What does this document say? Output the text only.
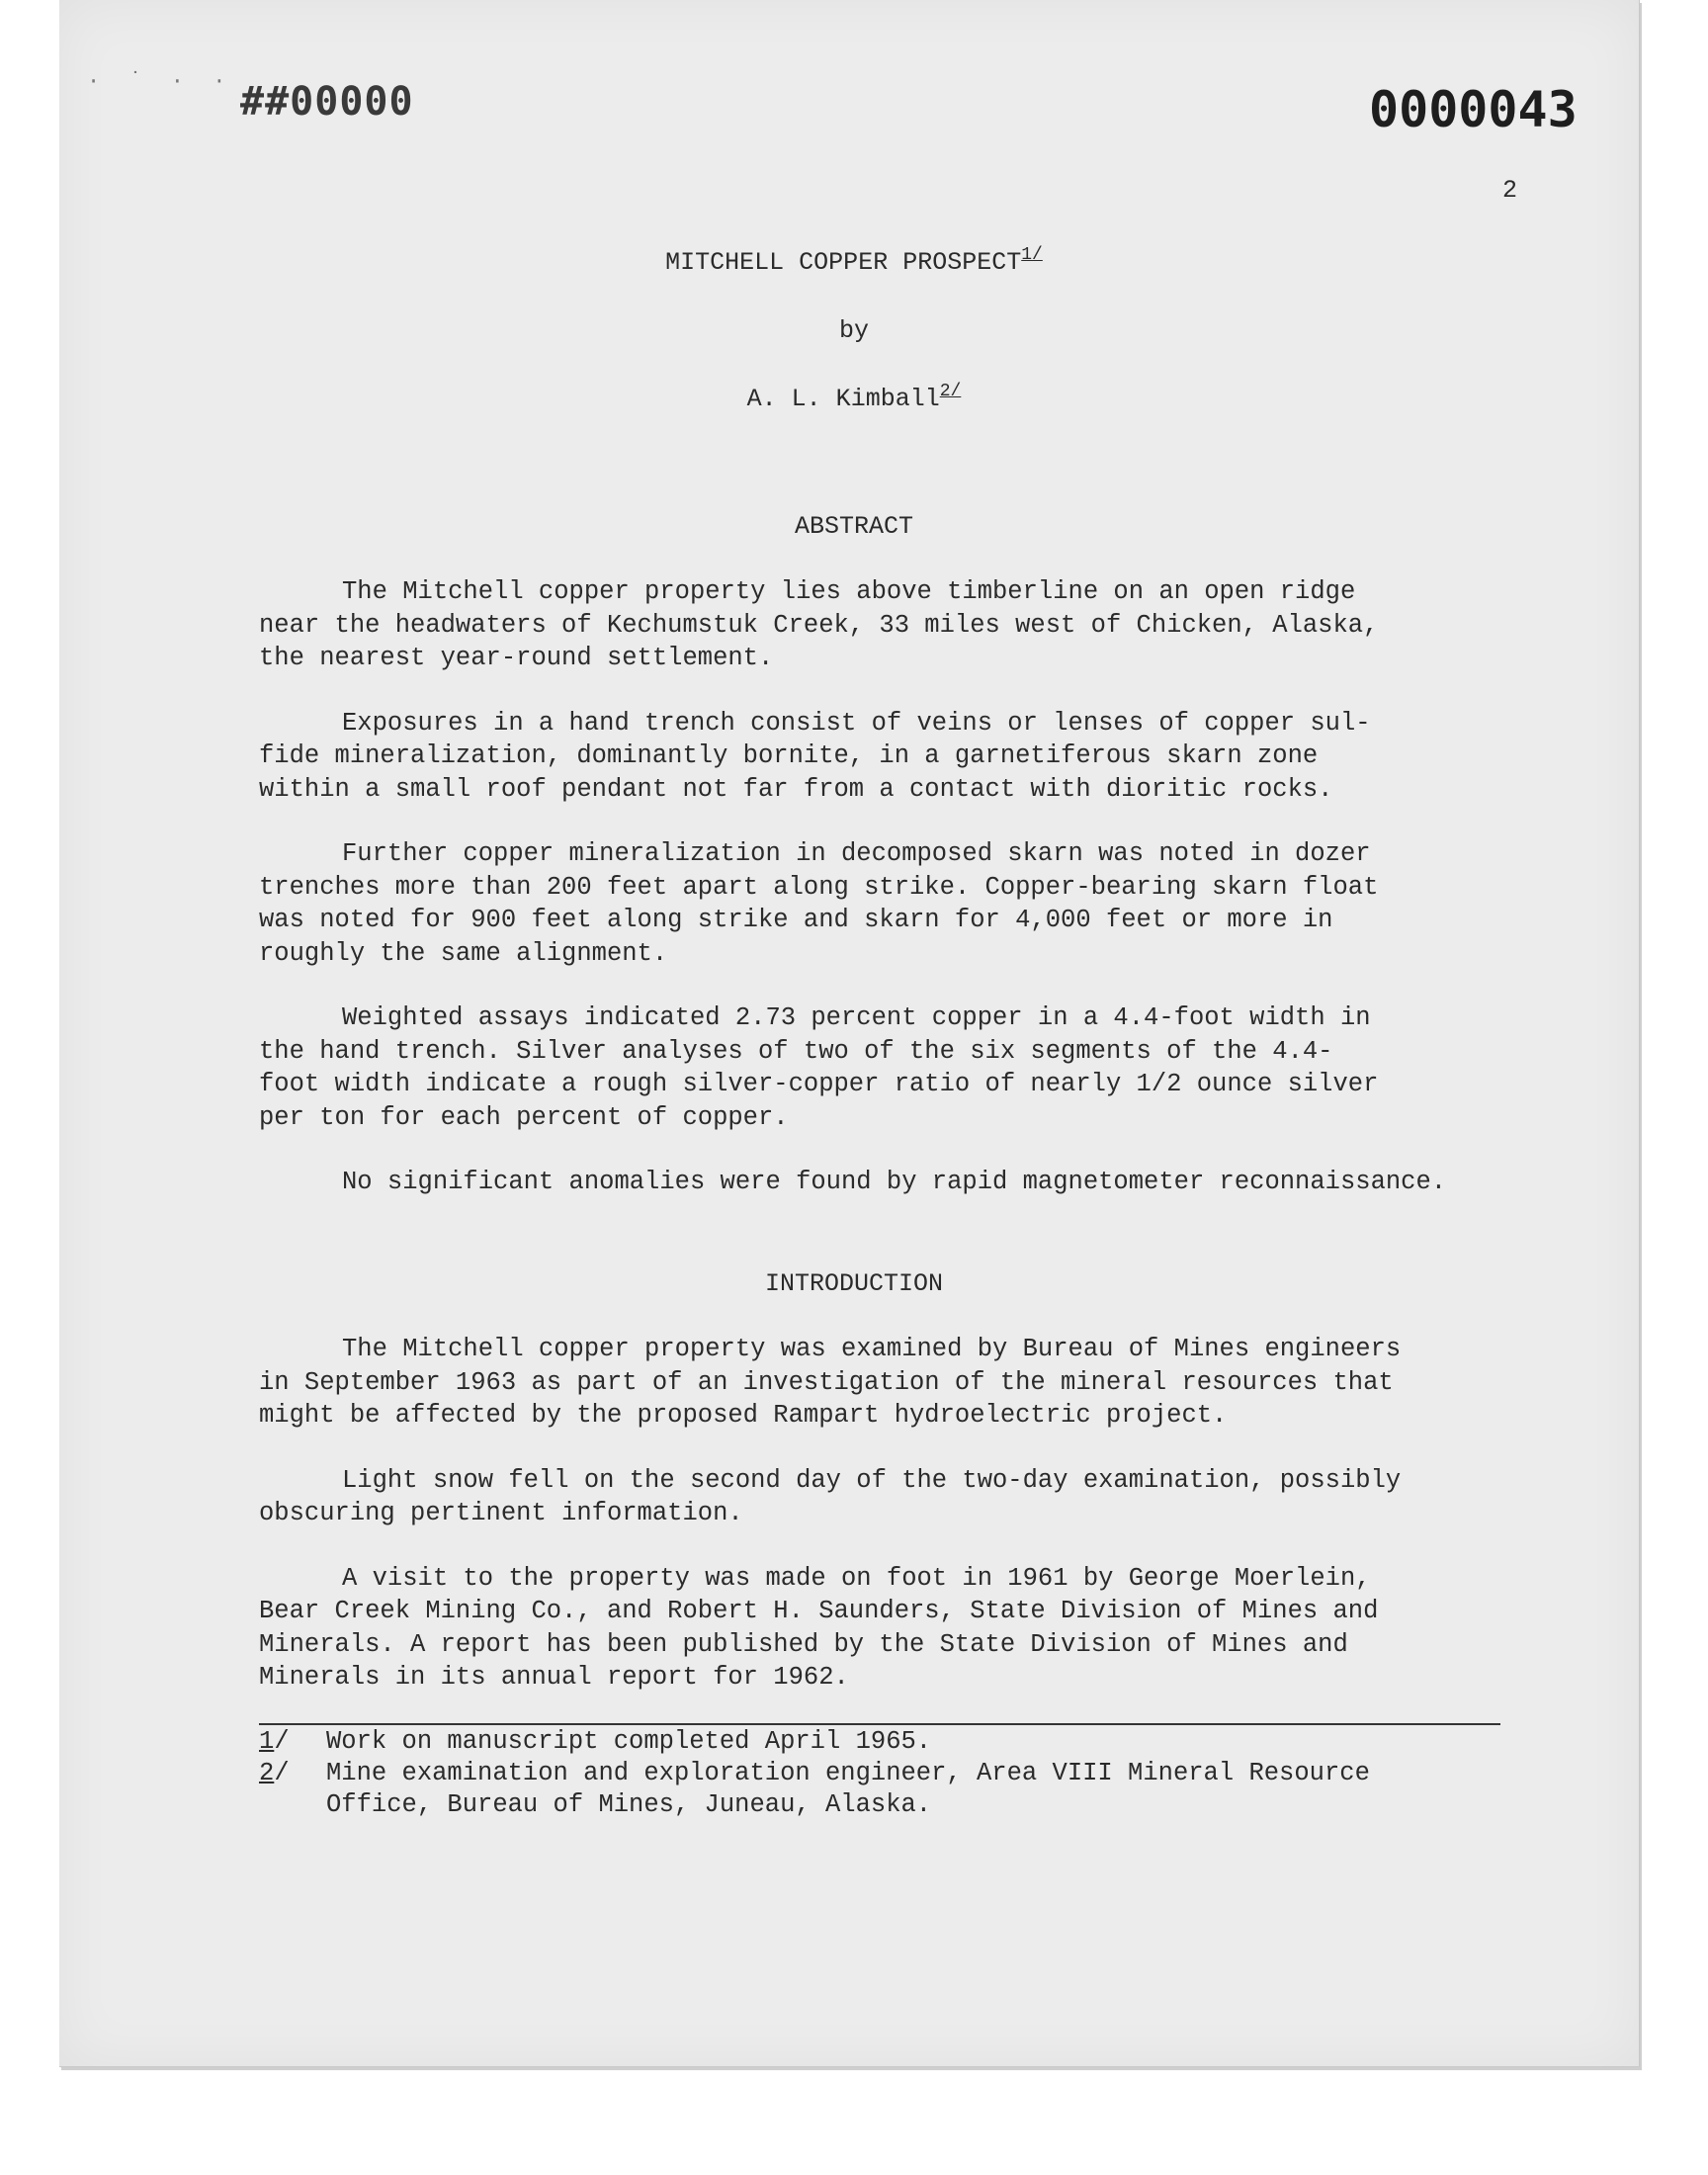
· ˙ · · ##00000	0000043
2
MITCHELL COPPER $PROSPECT^{1/}$
by
A. L. Kimball$^{2/}$
ABSTRACT

The Mitchell copper property lies above timberline on an open ridge
near the headwaters of Kechumstuk Creek, 33 miles west of Chicken, Alaska,
the nearest year-round settlement.

Exposures in a hand trench consist of veins or lenses of copper sul-
fide mineralization, dominantly bornite, in a garnetiferous skarn zone
within a small roof pendant not far from a contact with dioritic rocks.

Further copper mineralization in decomposed skarn was noted in dozer
trenches more than 200 feet apart along strike. Copper-bearing skarn float
was noted for 900 feet along strike and skarn for 4,000 feet or more in
roughly the same alignment.

Weighted assays indicated 2.73 percent copper in a 4.4-foot width in
the hand trench. Silver analyses of two of the six segments of the 4.4-
foot width indicate a rough silver-copper ratio of nearly 1/2 ounce silver
per ton for each percent of copper.

No significant anomalies were found by rapid magnetometer reconnaissance.

INTRODUCTION

The Mitchell copper property was examined by Bureau of Mines engineers
in September 1963 as part of an investigation of the mineral resources that
might be affected by the proposed Rampart hydroelectric project.

Light snow fell on the second day of the two-day examination, possibly
obscuring pertinent information.

A visit to the property was made on foot in 1961 by George Moerlein,
Bear Creek Mining Co., and Robert H. Saunders, State Division of Mines and
Minerals. A report has been published by the State Division of Mines and
Minerals in its annual report for 1962.

1/	Work on manuscript completed April 1965.
2/	Mine examination and exploration engineer, Area VIII Mineral Resource
Office, Bureau of Mines, Juneau, Alaska.
